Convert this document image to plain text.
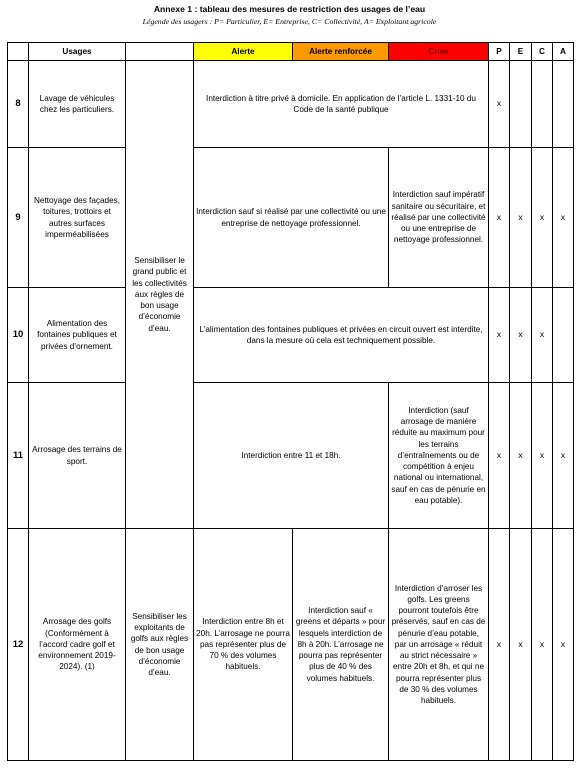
Annexe 1 : tableau des mesures de restriction des usages de l’eau
Légende des usagers : P= Particulier, E= Entreprise, C= Collectivité, A= Exploitant agricole
	Usages		Alerte	Alerte renforcée	Crise	P	E	C	A
8	Lavage de véhicules chez les particuliers.	Sensibiliser le grand public et les collectivités aux règles de bon usage d’économie d’eau.	Interdiction à titre privé à domicile. En application de l’article L. 1331-10 du Code de la santé publique			x			
9	Nettoyage des façades, toitures, trottoirs et autres surfaces imperméabilisées		Interdiction sauf si réalisé par une collectivité ou une entreprise de nettoyage professionnel.		Interdiction sauf impératif sanitaire ou sécuritaire, et réalisé par une collectivité ou une entreprise de nettoyage professionnel.	x	x	x	x
10	Alimentation des fontaines publiques et privées d’ornement.		L’alimentation des fontaines publiques et privées en circuit ouvert est interdite, dans la mesure où cela est techniquement possible.			x	x	x	
11	Arrosage des terrains de sport.		Interdiction entre 11 et 18h.		Interdiction (sauf arrosage de manière réduite au maximum pour les terrains d’entraînements ou de compétition à enjeu national ou international, sauf en cas de pénurie en eau potable).	x	x	x	x
12	Arrosage des golfs (Conformément à l’accord cadre golf et environnement 2019-2024). (1)	Sensibiliser les exploitants de golfs aux règles de bon usage d’économie d’eau.	Interdiction entre 8h et 20h. L’arrosage ne pourra pas représenter plus de 70 % des volumes habituels.	Interdiction sauf « greens et départs » pour lesquels interdiction de 8h à 20h. L’arrosage ne pourra pas représenter plus de 40 % des volumes habituels.	Interdiction d’arroser les golfs. Les greens pourront toutefois être préservés, sauf en cas de pénurie d’eau potable, par un arrosage « réduit au strict nécessaire » entre 20h et 8h, et qui ne pourra représenter plus de 30 % des volumes habituels.	x	x	x	x
